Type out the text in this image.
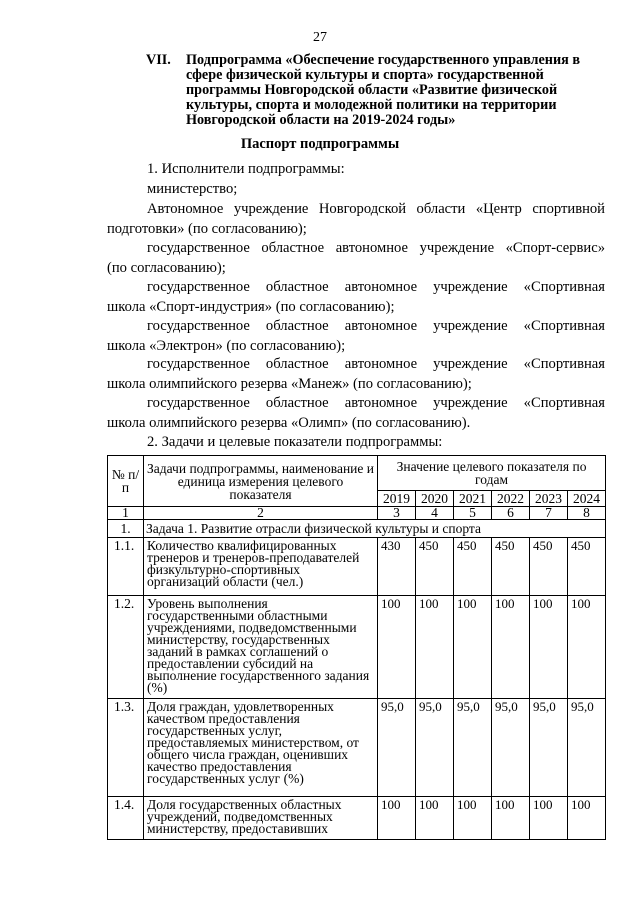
27
VII. Подпрограмма «Обеспечение государственного управления в сфере физической культуры и спорта» государственной программы Новгородской области «Развитие физической культуры, спорта и молодежной политики на территории Новгородской области на 2019-2024 годы»
Паспорт подпрограммы
1. Исполнители подпрограммы:
министерство;
Автономное учреждение Новгородской области «Центр спортивной
подготовки» (по согласованию);
государственное областное автономное учреждение «Спорт-сервис»
(по согласованию);
государственное областное автономное учреждение «Спортивная
школа «Спорт-индустрия» (по согласованию);
государственное областное автономное учреждение «Спортивная
школа «Электрон» (по согласованию);
государственное областное автономное учреждение «Спортивная
школа олимпийского резерва «Манеж» (по согласованию);
государственное областное автономное учреждение «Спортивная
школа олимпийского резерва «Олимп» (по согласованию).
2. Задачи и целевые показатели подпрограммы:
№ п/п	Задачи подпрограммы, наименование и единица измерения целевого показателя	Значение целевого показателя по годам					
		2019	2020	2021	2022	2023	2024
1	2	3	4	5	6	7	8
1.	Задача 1. Развитие отрасли физической культуры и спорта						
1.1.	Количество квалифицированных тренеров и тренеров-преподавателей физкультурно-спортивных организаций области (чел.)	430	450	450	450	450	450
1.2.	Уровень выполнения государственными областными учреждениями, подведомственными министерству, государственных заданий в рамках соглашений о предоставлении субсидий на выполнение государственного задания (%)	100	100	100	100	100	100
1.3.	Доля граждан, удовлетворенных качеством предоставления государственных услуг, предоставляемых министерством, от общего числа граждан, оценивших качество предоставления государственных услуг (%)	95,0	95,0	95,0	95,0	95,0	95,0
1.4.	Доля государственных областных учреждений, подведомственных министерству, предоставивших	100	100	100	100	100	100
